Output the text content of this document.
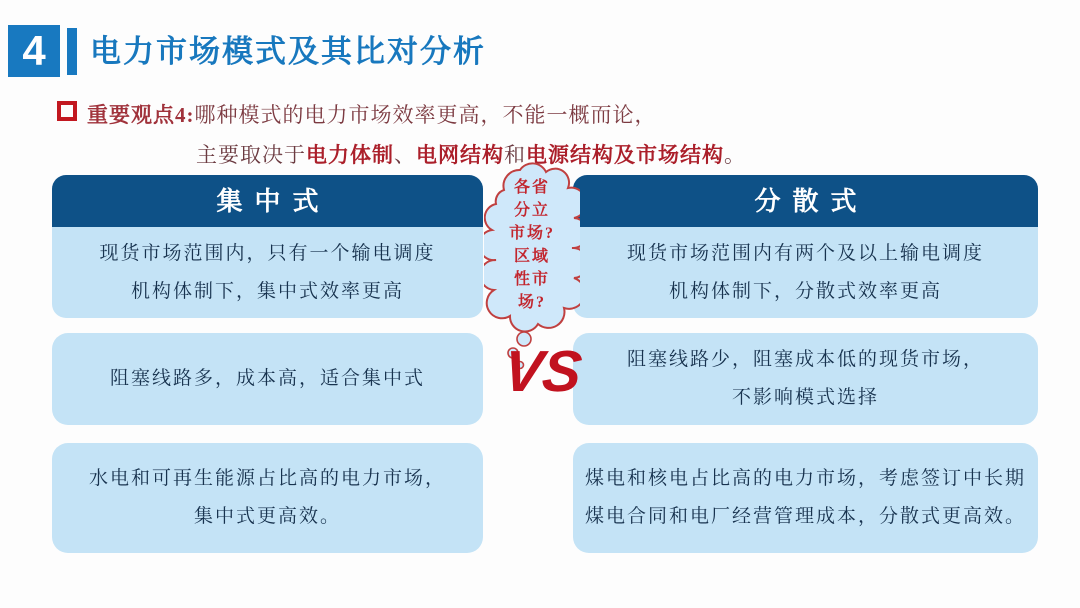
4	电力市场模式及其比对分析
重要观点4:哪种模式的电力市场效率更高，不能一概而论，
主要取决于电力体制、电网结构和电源结构及市场结构。
集中式
现货市场范围内，只有一个输电调度
机构体制下，集中式效率更高
阻塞线路多，成本高，适合集中式
水电和可再生能源占比高的电力市场，
集中式更高效。
分散式
现货市场范围内有两个及以上输电调度
机构体制下，分散式效率更高
阻塞线路少，阻塞成本低的现货市场，
不影响模式选择
煤电和核电占比高的电力市场，考虑签订中长期
煤电合同和电厂经营管理成本，分散式更高效。
各省
分立
市场?
区域
性市
场?
VS
